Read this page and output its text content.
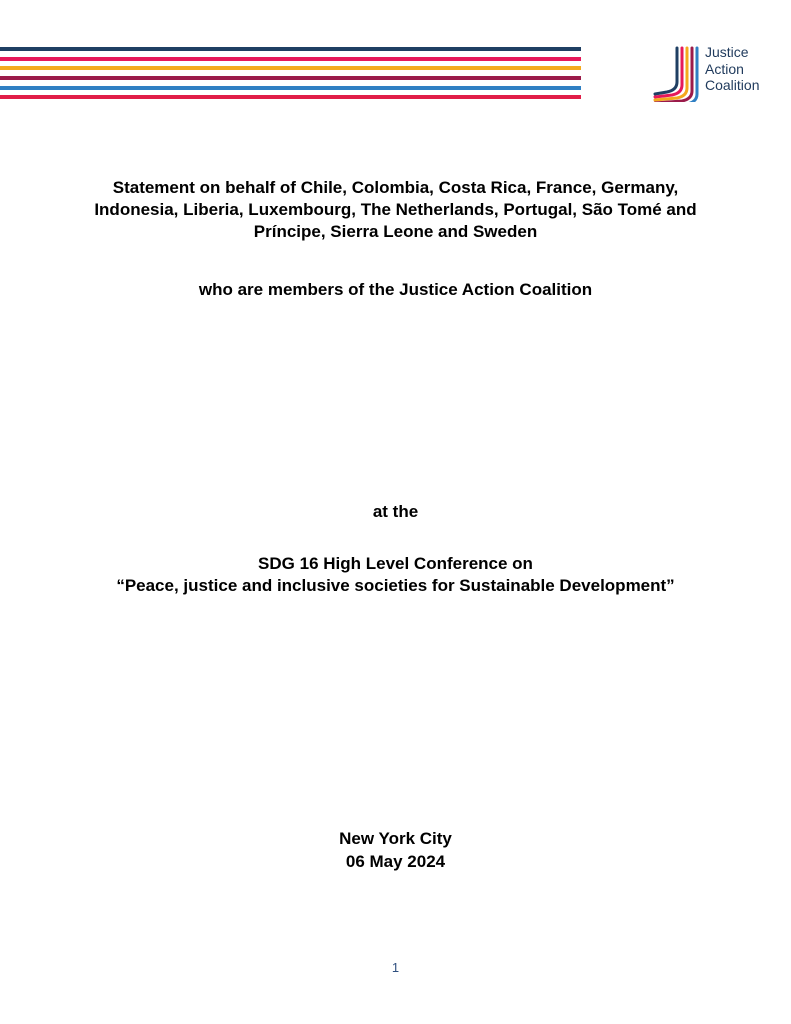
Justice
Action
Coalition
Statement on behalf of Chile, Colombia, Costa Rica, France, Germany,
Indonesia, Liberia, Luxembourg, The Netherlands, Portugal, São Tomé and
Príncipe, Sierra Leone and Sweden
who are members of the Justice Action Coalition
at the
SDG 16 High Level Conference on
“Peace, justice and inclusive societies for Sustainable Development”
New York City
06 May 2024
1
